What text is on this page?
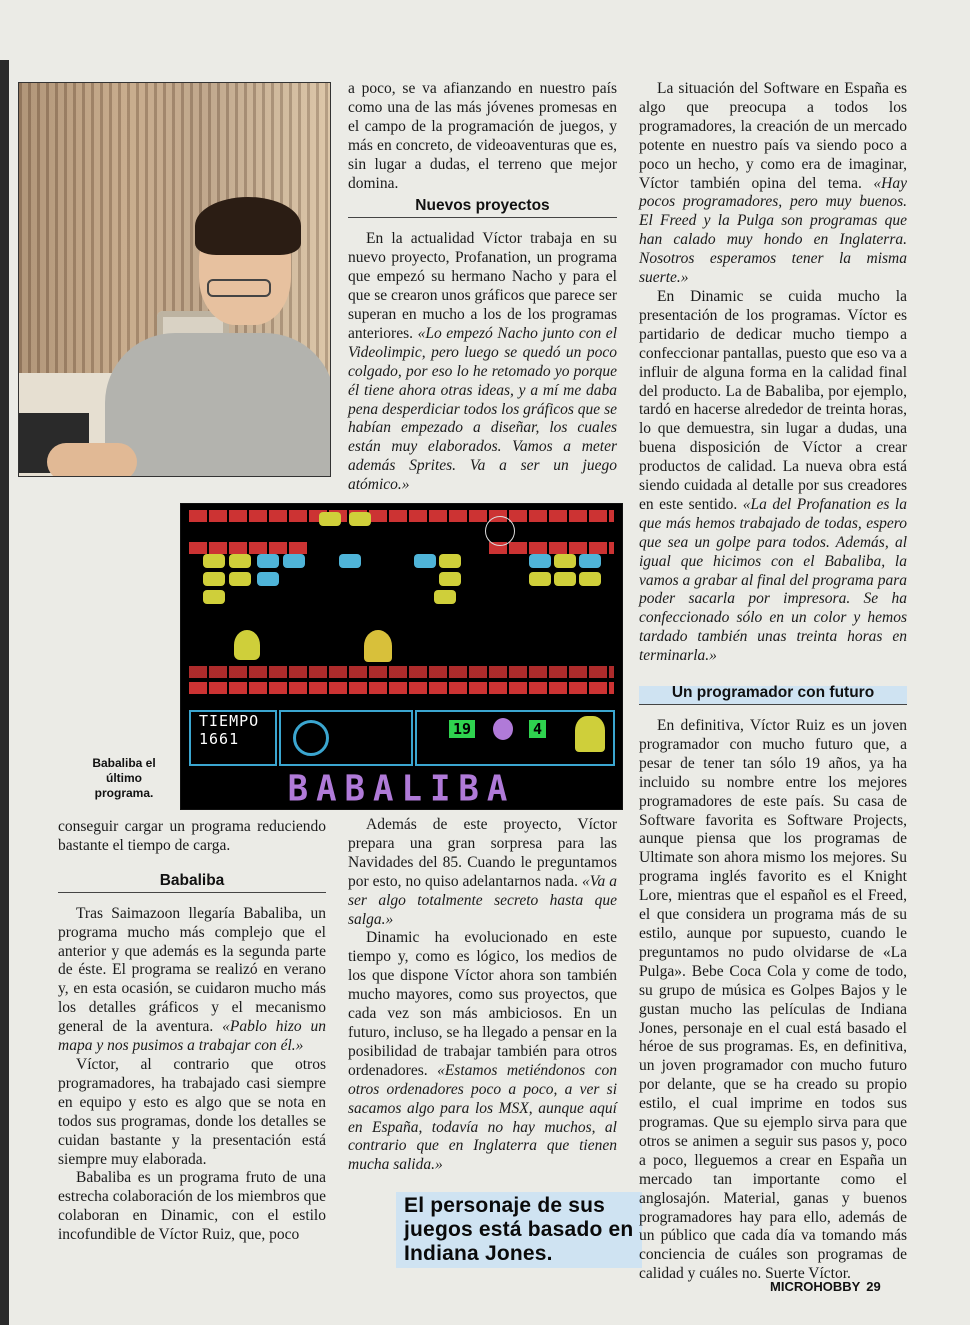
a poco, se va afianzando en nuestro país como una de las más jóvenes promesas en el campo de la programación de juegos, y más en concreto, de videoaventuras que es, sin lugar a dudas, el terreno que mejor domina.

Nuevos proyectos

En la actualidad Víctor trabaja en su nuevo proyecto, Profanation, un programa que empezó su hermano Nacho y para el que se crearon unos gráficos que parece ser superan en mucho a los de los programas anteriores. «Lo empezó Nacho junto con el Videolimpic, pero luego se quedó un poco colgado, por eso lo he retomado yo porque él tiene ahora otras ideas, y a mí me daba pena desperdiciar todos los gráficos que se habían empezado a diseñar, los cuales están muy elaborados. Vamos a meter además Sprites. Va a ser un juego atómico.»

TIEMPO
1661
19	4
BABALIBA
Babaliba el último programa.

conseguir cargar un programa reduciendo bastante el tiempo de carga.

Babaliba

Tras Saimazoon llegaría Babaliba, un programa mucho más complejo que el anterior y que además es la segunda parte de éste. El programa se realizó en verano y, en esta ocasión, se cuidaron mucho más los detalles gráficos y el mecanismo general de la aventura. «Pablo hizo un mapa y nos pusimos a trabajar con él.»

Víctor, al contrario que otros programadores, ha trabajado casi siempre en equipo y esto es algo que se nota en todos sus programas, donde los detalles se cuidan bastante y la presentación está siempre muy elaborada.

Babaliba es un programa fruto de una estrecha colaboración de los miembros que colaboran en Dinamic, con el estilo incofundible de Víctor Ruiz, que, poco

Además de este proyecto, Víctor prepara una gran sorpresa para las Navidades del 85. Cuando le preguntamos por esto, no quiso adelantarnos nada. «Va a ser algo totalmente secreto hasta que salga.»

Dinamic ha evolucionado en este tiempo y, como es lógico, los medios de los que dispone Víctor ahora son también mucho mayores, como sus proyectos, que cada vez son más ambiciosos. En un futuro, incluso, se ha llegado a pensar en la posibilidad de trabajar también para otros ordenadores. «Estamos metiéndonos con otros ordenadores poco a poco, a ver si sacamos algo para los MSX, aunque aquí en España, todavía no hay muchos, al contrario que en Inglaterra que tienen mucha salida.»

El personaje de sus juegos está basado en Indiana Jones.

La situación del Software en España es algo que preocupa a todos los programadores, la creación de un mercado potente en nuestro país va siendo poco a poco un hecho, y como era de imaginar, Víctor también opina del tema. «Hay pocos programadores, pero muy buenos. El Freed y la Pulga son programas que han calado muy hondo en Inglaterra. Nosotros esperamos tener la misma suerte.»

En Dinamic se cuida mucho la presentación de los programas. Víctor es partidario de dedicar mucho tiempo a confeccionar pantallas, puesto que eso va a influir de alguna forma en la calidad final del producto. La de Babaliba, por ejemplo, tardó en hacerse alrededor de treinta horas, lo que demuestra, sin lugar a dudas, una buena disposición de Víctor a crear productos de calidad. La nueva obra está siendo cuidada al detalle por sus creadores en este sentido. «La del Profanation es la que más hemos trabajado de todas, espero que sea un golpe para todos. Además, al igual que hicimos con el Babaliba, la vamos a grabar al final del programa para poder sacarla por impresora. Se ha confeccionado sólo en un color y hemos tardado también unas treinta horas en terminarla.»

Un programador con futuro

En definitiva, Víctor Ruiz es un joven programador con mucho futuro que, a pesar de tener tan sólo 19 años, ya ha incluido su nombre entre los mejores programadores de este país. Su casa de Software favorita es Software Projects, aunque piensa que los programas de Ultimate son ahora mismo los mejores. Su programa inglés favorito es el Knight Lore, mientras que el español es el Freed, el que considera un programa más de su estilo, aunque por supuesto, cuando le preguntamos no pudo olvidarse de «La Pulga». Bebe Coca Cola y come de todo, su grupo de música es Golpes Bajos y le gustan mucho las películas de Indiana Jones, personaje en el cual está basado el héroe de sus programas. Es, en definitiva, un joven programador con mucho futuro por delante, que se ha creado su propio estilo, el cual imprime en todos sus programas. Que su ejemplo sirva para que otros se animen a seguir sus pasos y, poco a poco, lleguemos a crear en España un mercado tan importante como el anglosajón. Material, ganas y buenos programadores hay para ello, además de un público que cada día va tomando más conciencia de cuáles son programas de calidad y cuáles no. Suerte Víctor.

MICROHOBBY 29
